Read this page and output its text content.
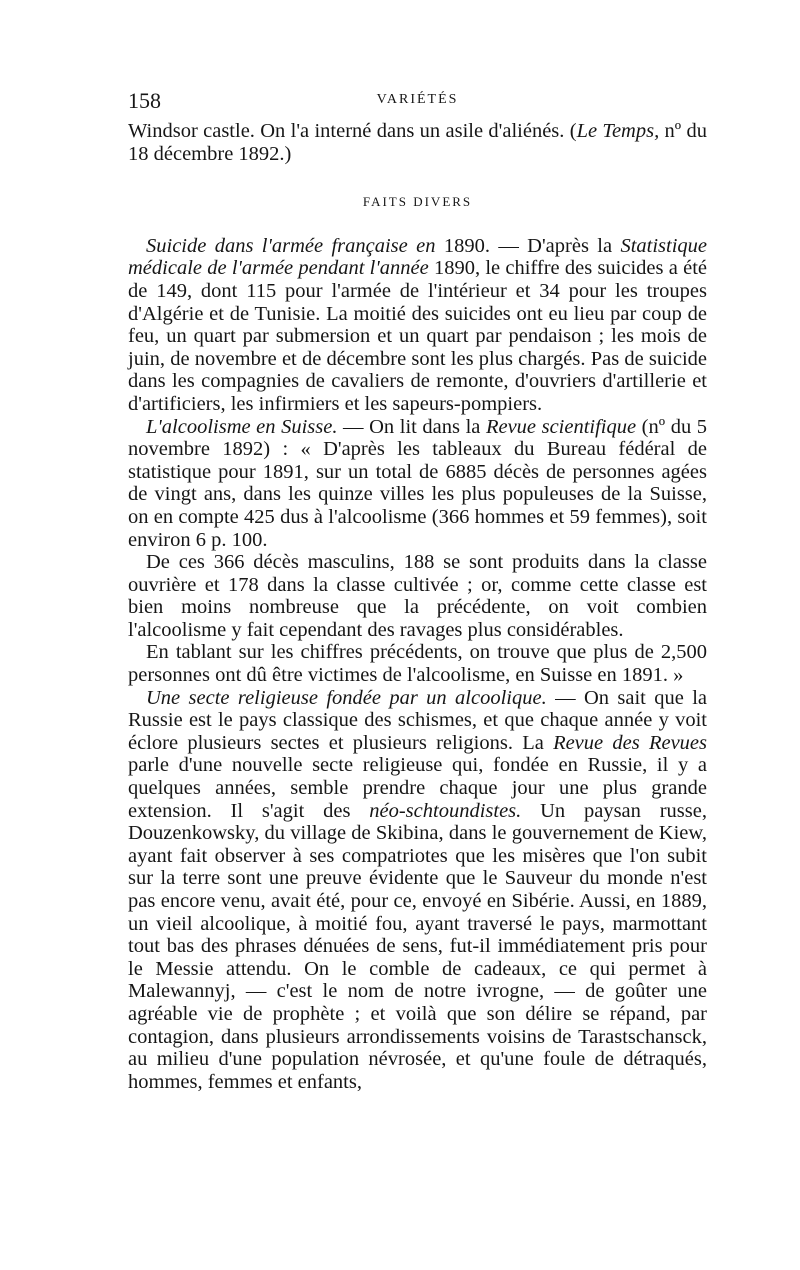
158	VARIÉTÉS

Windsor castle. On l'a interné dans un asile d'aliénés. (Le Temps, nº du 18 décembre 1892.)

FAITS DIVERS

Suicide dans l'armée française en 1890. — D'après la Statistique médicale de l'armée pendant l'année 1890, le chiffre des suicides a été de 149, dont 115 pour l'armée de l'intérieur et 34 pour les troupes d'Algérie et de Tunisie. La moitié des suicides ont eu lieu par coup de feu, un quart par submersion et un quart par pendaison ; les mois de juin, de novembre et de décembre sont les plus chargés. Pas de suicide dans les compagnies de cavaliers de remonte, d'ouvriers d'artillerie et d'artificiers, les infirmiers et les sapeurs-pompiers.

L'alcoolisme en Suisse. — On lit dans la Revue scientifique (nº du 5 novembre 1892) : « D'après les tableaux du Bureau fédéral de statistique pour 1891, sur un total de 6885 décès de personnes agées de vingt ans, dans les quinze villes les plus populeuses de la Suisse, on en compte 425 dus à l'alcoolisme (366 hommes et 59 femmes), soit environ 6 p. 100.

De ces 366 décès masculins, 188 se sont produits dans la classe ouvrière et 178 dans la classe cultivée ; or, comme cette classe est bien moins nombreuse que la précédente, on voit combien l'alcoolisme y fait cependant des ravages plus considérables.

En tablant sur les chiffres précédents, on trouve que plus de 2,500 personnes ont dû être victimes de l'alcoolisme, en Suisse en 1891. »

Une secte religieuse fondée par un alcoolique. — On sait que la Russie est le pays classique des schismes, et que chaque année y voit éclore plusieurs sectes et plusieurs religions. La Revue des Revues parle d'une nouvelle secte religieuse qui, fondée en Russie, il y a quelques années, semble prendre chaque jour une plus grande extension. Il s'agit des néo-schtoundistes. Un paysan russe, Douzenkowsky, du village de Skibina, dans le gouvernement de Kiew, ayant fait observer à ses compatriotes que les misères que l'on subit sur la terre sont une preuve évidente que le Sauveur du monde n'est pas encore venu, avait été, pour ce, envoyé en Sibérie. Aussi, en 1889, un vieil alcoolique, à moitié fou, ayant traversé le pays, marmottant tout bas des phrases dénuées de sens, fut-il immédiatement pris pour le Messie attendu. On le comble de cadeaux, ce qui permet à Malewannyj, — c'est le nom de notre ivrogne, — de goûter une agréable vie de prophète ; et voilà que son délire se répand, par contagion, dans plusieurs arrondissements voisins de Tarastschansck, au milieu d'une population névrosée, et qu'une foule de détraqués, hommes, femmes et enfants,
